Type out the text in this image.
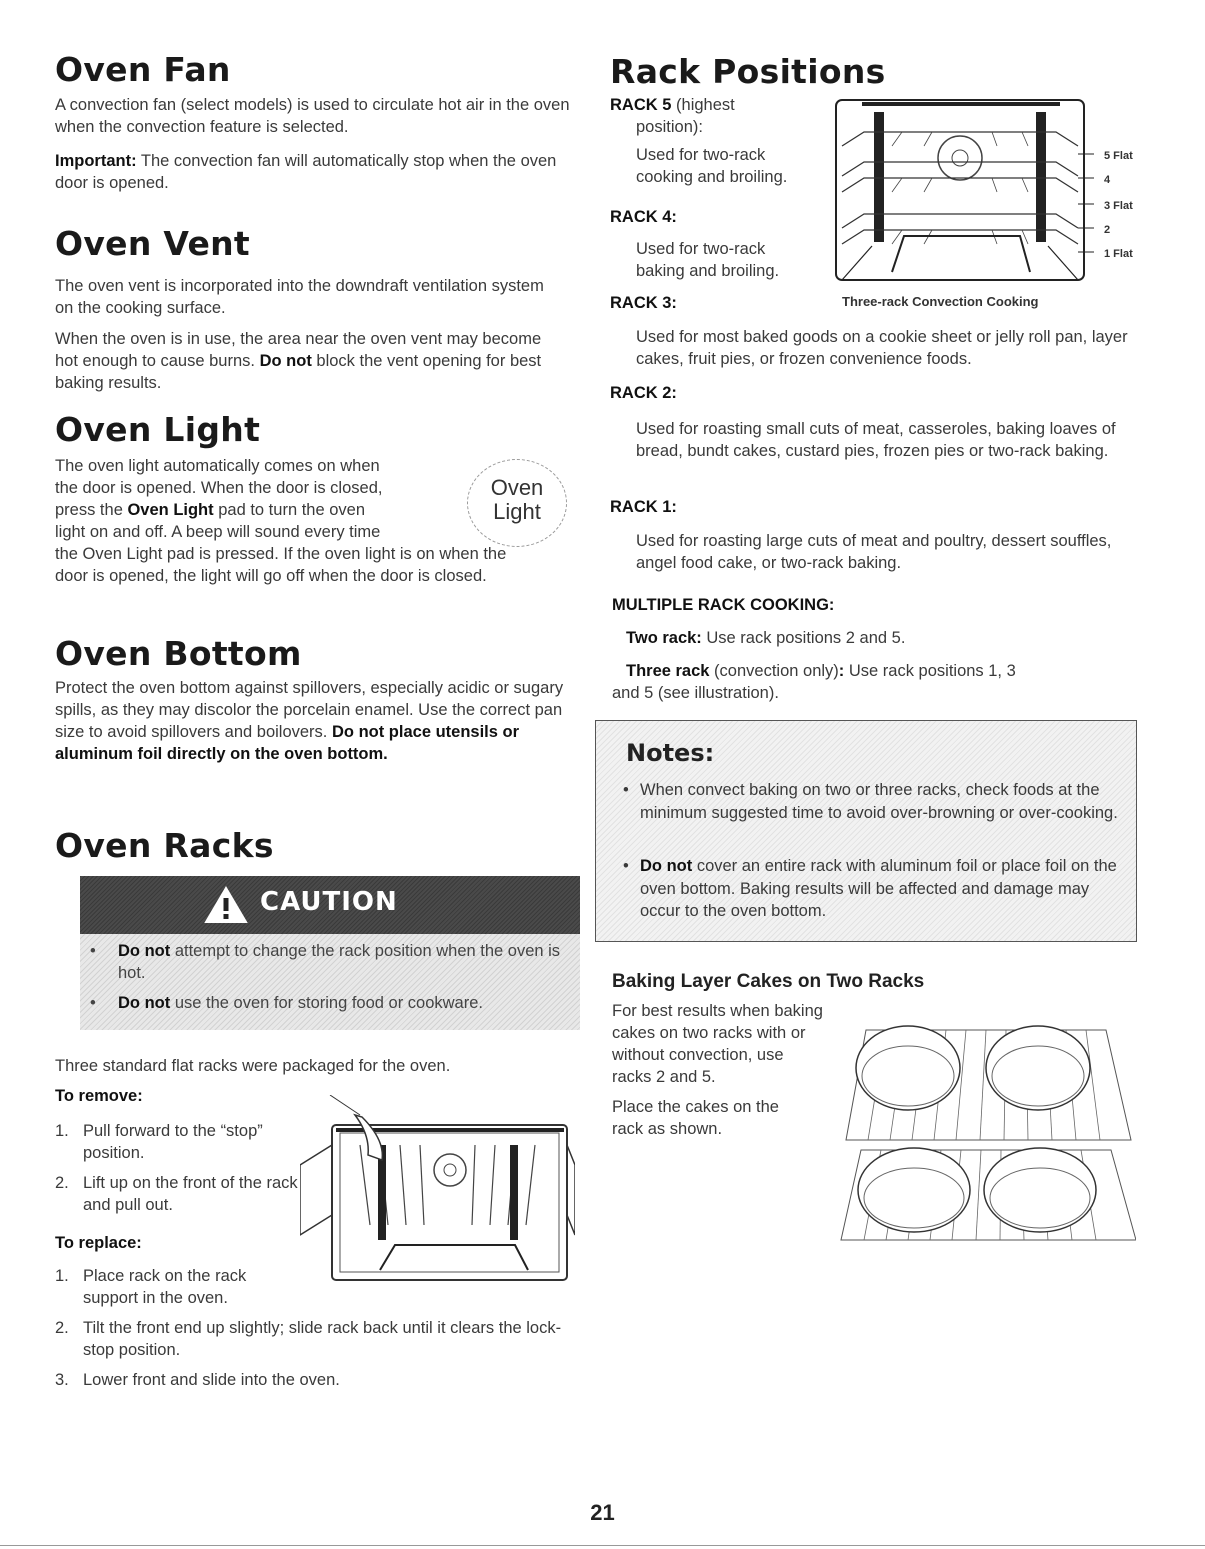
Oven Fan

A convection fan (select models) is used to circulate hot air in the oven when the convection feature is selected.

Important: The convection fan will automatically stop when the oven door is opened.

Oven Vent

The oven vent is incorporated into the downdraft ventilation system on the cooking surface.

When the oven is in use, the area near the oven vent may become hot enough to cause burns. Do not block the vent opening for best baking results.

Oven Light

The oven light automatically comes on when

the door is opened. When the door is closed,

press the Oven Light pad to turn the oven

light on and off. A beep will sound every time

the Oven Light pad is pressed. If the oven light is on when the

door is opened, the light will go off when the door is closed.

Oven Bottom

Protect the oven bottom against spillovers, especially acidic or sugary spills, as they may discolor the porcelain enamel. Use the correct pan size to avoid spillovers and boilovers. Do not place utensils or aluminum foil directly on the oven bottom.

Oven Racks

Three standard flat racks were packaged for the oven.

To remove:

1. Pull forward to the “stop” position.
2. Lift up on the front of the rack and pull out.

To replace:

1. Place rack on the rack support in the oven.
2. Tilt the front end up slightly; slide rack back until it clears the lock-stop position.
3. Lower front and slide into the oven.
Oven
Light
CAUTION
•	Do not attempt to change the rack position when the oven is hot.
•	Do not use the oven for storing food or cookware.
Rack Positions

RACK 5 (highest

position):

Used for two-rack

cooking and broiling.

RACK 4:

Used for two-rack

baking and broiling.

RACK 3:

Used for most baked goods on a cookie sheet or jelly roll pan, layer cakes, fruit pies, or frozen convenience foods.

RACK 2:

Used for roasting small cuts of meat, casseroles, baking loaves of bread, bundt cakes, custard pies, frozen pies or two-rack baking.

RACK 1:

Used for roasting large cuts of meat and poultry, dessert souffles, angel food cake, or two-rack baking.

MULTIPLE RACK COOKING:

Two rack: Use rack positions 2 and 5.

Three rack (convection only): Use rack positions 1, 3

and 5 (see illustration).

5 Flat
4
3 Flat
2
1 Flat
Three-rack Convection Cooking
Notes:
• When convect baking on two or three racks, check foods at the minimum suggested time to avoid over-browning or over-cooking.
• Do not cover an entire rack with aluminum foil or place foil on the oven bottom. Baking results will be affected and damage may occur to the oven bottom.

Baking Layer Cakes on Two Racks

For best results when baking

cakes on two racks with or

without convection, use

racks 2 and 5.

Place the cakes on the

rack as shown.

21
